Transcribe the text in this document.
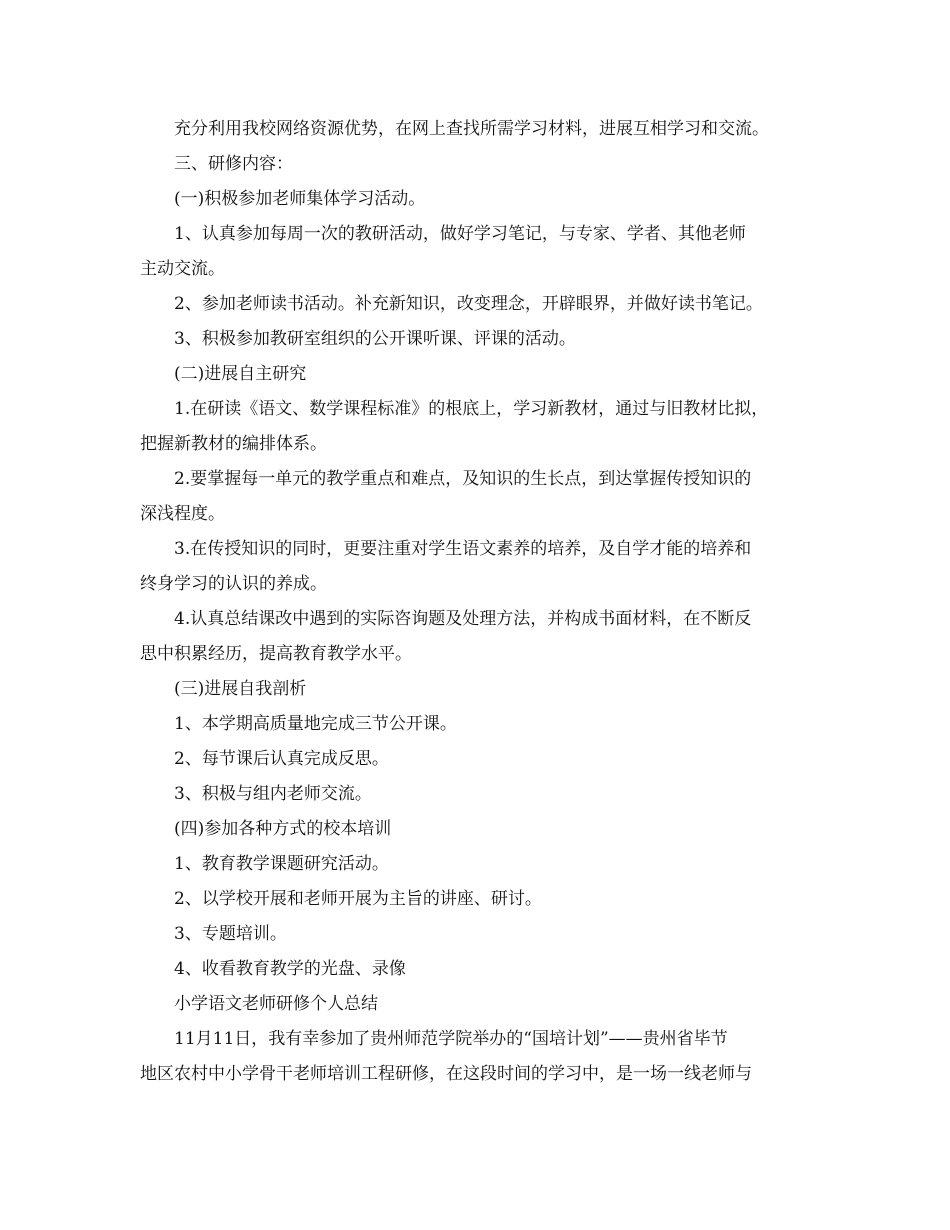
充分利用我校网络资源优势，在网上查找所需学习材料，进展互相学习和交流。

三、研修内容：

(一)积极参加老师集体学习活动。

1、认真参加每周一次的教研活动，做好学习笔记，与专家、学者、其他老师

主动交流。

2、参加老师读书活动。补充新知识，改变理念，开辟眼界，并做好读书笔记。

3、积极参加教研室组织的公开课听课、评课的活动。

(二)进展自主研究

1.在研读《语文、数学课程标准》的根底上，学习新教材，通过与旧教材比拟，

把握新教材的编排体系。

2.要掌握每一单元的教学重点和难点，及知识的生长点，到达掌握传授知识的

深浅程度。

3.在传授知识的同时，更要注重对学生语文素养的培养，及自学才能的培养和

终身学习的认识的养成。

4.认真总结课改中遇到的实际咨询题及处理方法，并构成书面材料，在不断反

思中积累经历，提高教育教学水平。

(三)进展自我剖析

1、本学期高质量地完成三节公开课。

2、每节课后认真完成反思。

3、积极与组内老师交流。

(四)参加各种方式的校本培训

1、教育教学课题研究活动。

2、以学校开展和老师开展为主旨的讲座、研讨。

3、专题培训。

4、收看教育教学的光盘、录像

小学语文老师研修个人总结

11月11日，我有幸参加了贵州师范学院举办的“国培计划”——贵州省毕节

地区农村中小学骨干老师培训工程研修，在这段时间的学习中，是一场一线老师与
